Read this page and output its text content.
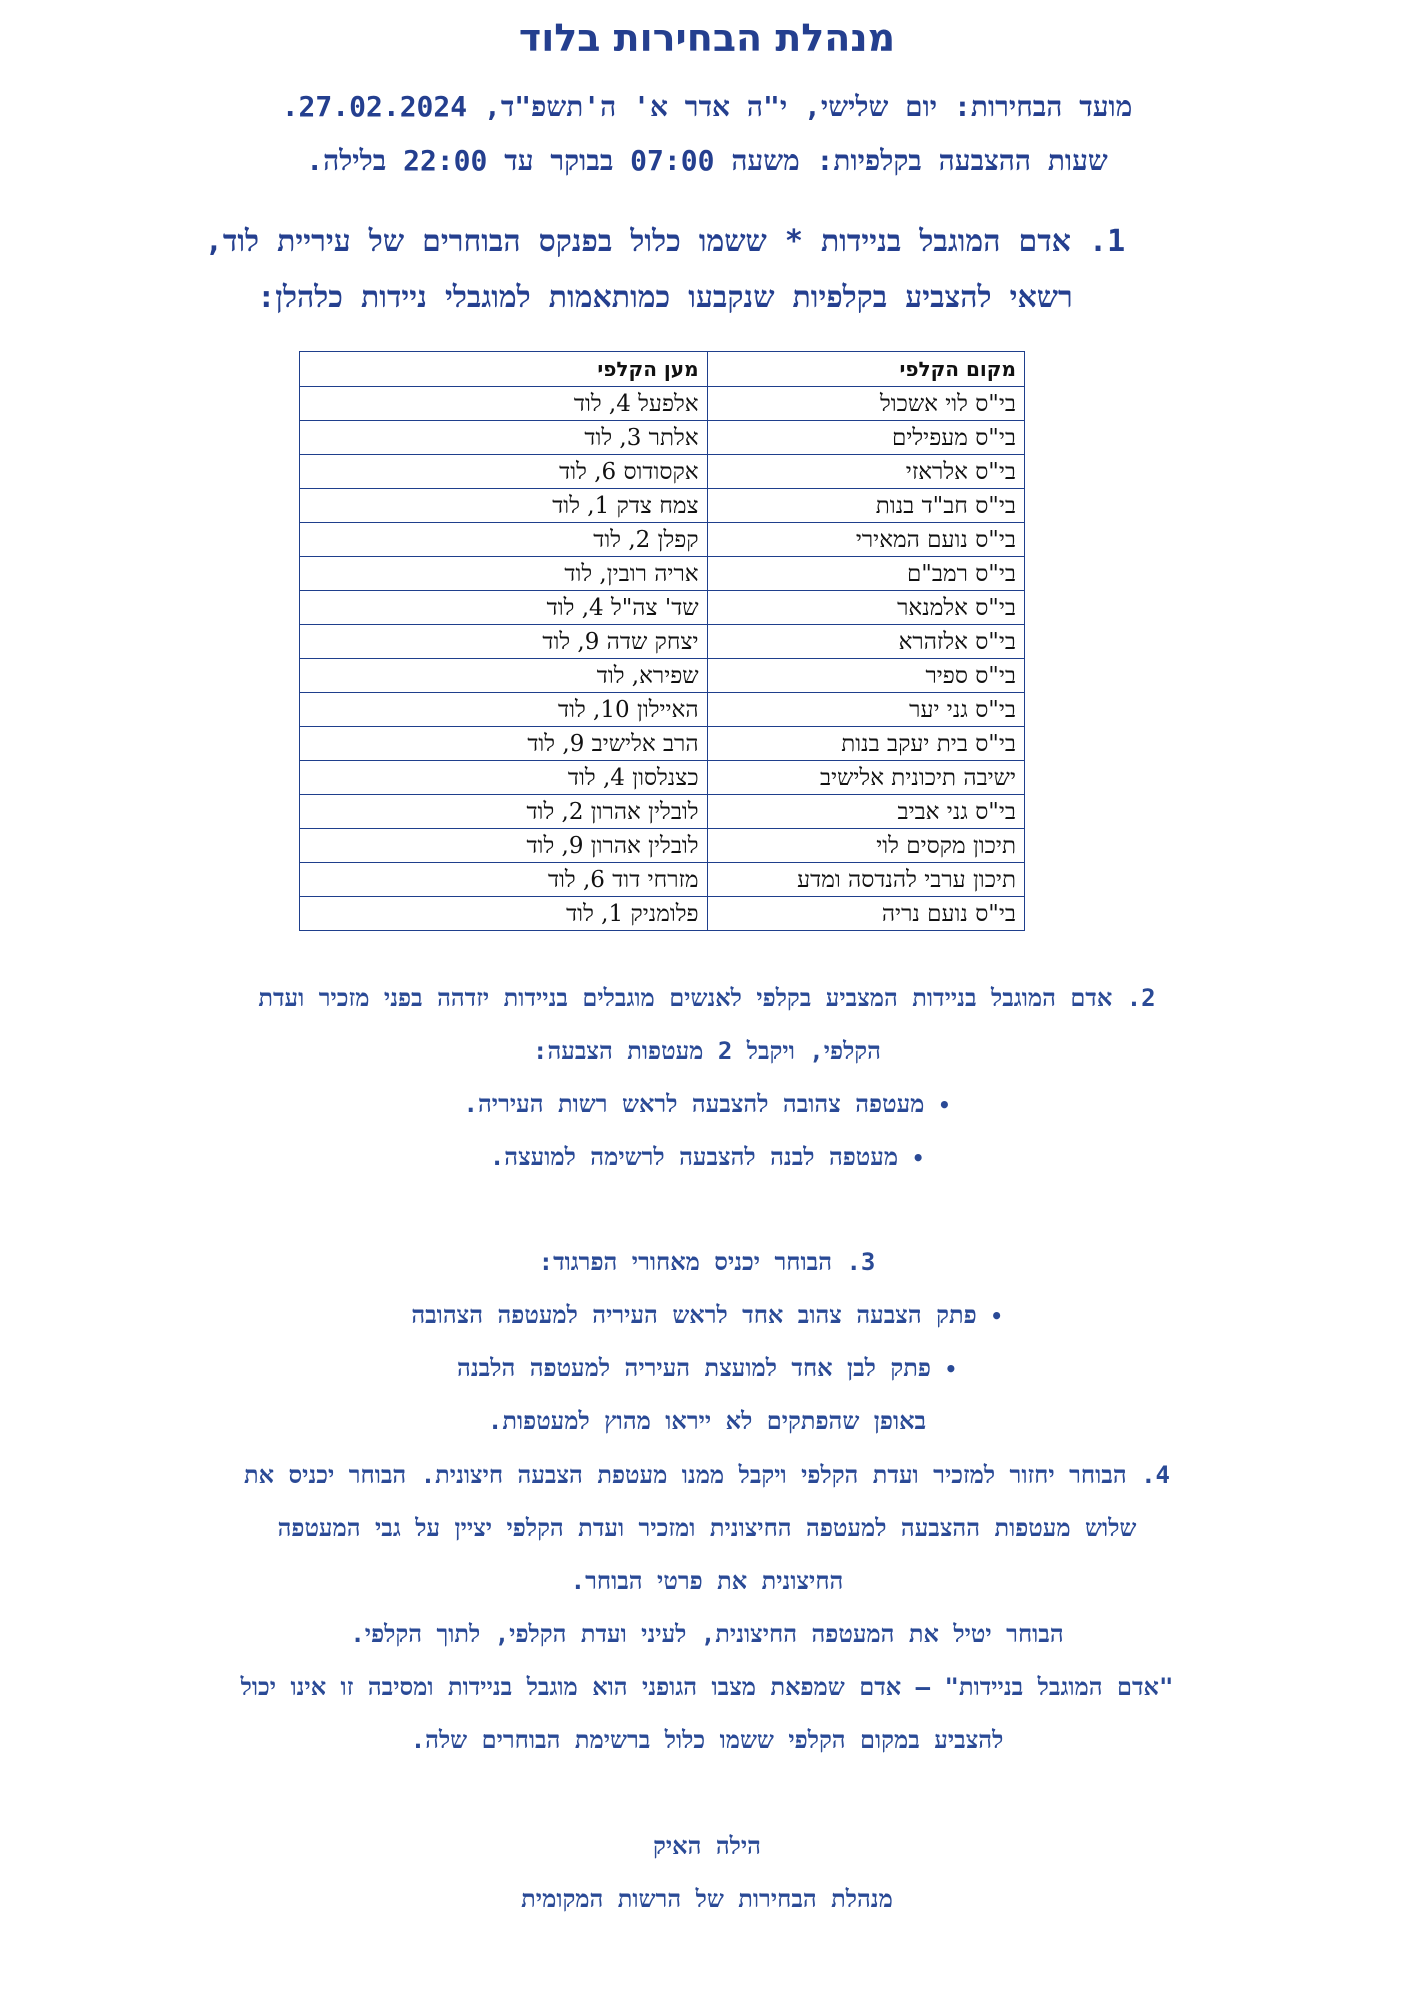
מנהלת הבחירות בלוד
מועד הבחירות: יום שלישי, י"ה אדר א' ה'תשפ"ד, 27.02.2024.
שעות ההצבעה בקלפיות: משעה 07:00 בבוקר עד 22:00 בלילה.
1. אדם המוגבל בניידות * ששמו כלול בפנקס הבוחרים של עיריית לוד,
רשאי להצביע בקלפיות שנקבעו כמותאמות למוגבלי ניידות כלהלן:
מקום הקלפי	מען הקלפי
בי"ס לוי אשכול	אלפעל 4, לוד
בי"ס מעפילים	אלתר 3, לוד
בי"ס אלראזי	אקסודוס 6, לוד
בי"ס חב"ד בנות	צמח צדק 1, לוד
בי"ס נועם המאירי	קפלן 2, לוד
בי"ס רמב"ם	אריה רובין, לוד
בי"ס אלמנאר	שד' צה"ל 4, לוד
בי"ס אלזהרא	יצחק שדה 9, לוד
בי"ס ספיר	שפירא, לוד
בי"ס גני יער	האיילון 10, לוד
בי"ס בית יעקב בנות	הרב אלישיב 9, לוד
ישיבה תיכונית אלישיב	כצנלסון 4, לוד
בי"ס גני אביב	לובלין אהרון 2, לוד
תיכון מקסים לוי	לובלין אהרון 9, לוד
תיכון ערבי להנדסה ומדע	מזרחי דוד 6, לוד
בי"ס נועם נריה	פלומניק 1, לוד
2. אדם המוגבל בניידות המצביע בקלפי לאנשים מוגבלים בניידות יזדהה בפני מזכיר ועדת
הקלפי, ויקבל 2 מעטפות הצבעה:
•מעטפה צהובה להצבעה לראש רשות העיריה.
•מעטפה לבנה להצבעה לרשימה למועצה.
3. הבוחר יכניס מאחורי הפרגוד:
•פתק הצבעה צהוב אחד לראש העיריה למעטפה הצהובה
•פתק לבן אחד למועצת העיריה למעטפה הלבנה
באופן שהפתקים לא ייראו מהוץ למעטפות.
4. הבוחר יחזור למזכיר ועדת הקלפי ויקבל ממנו מעטפת הצבעה חיצונית. הבוחר יכניס את
שלוש מעטפות ההצבעה למעטפה החיצונית ומזכיר ועדת הקלפי יציין על גבי המעטפה
החיצונית את פרטי הבוחר.
הבוחר יטיל את המעטפה החיצונית, לעיני ועדת הקלפי, לתוך הקלפי.
"אדם המוגבל בניידות" – אדם שמפאת מצבו הגופני הוא מוגבל בניידות ומסיבה זו אינו יכול
להצביע במקום הקלפי ששמו כלול ברשימת הבוחרים שלה.
הילה האיק
מנהלת הבחירות של הרשות המקומית
